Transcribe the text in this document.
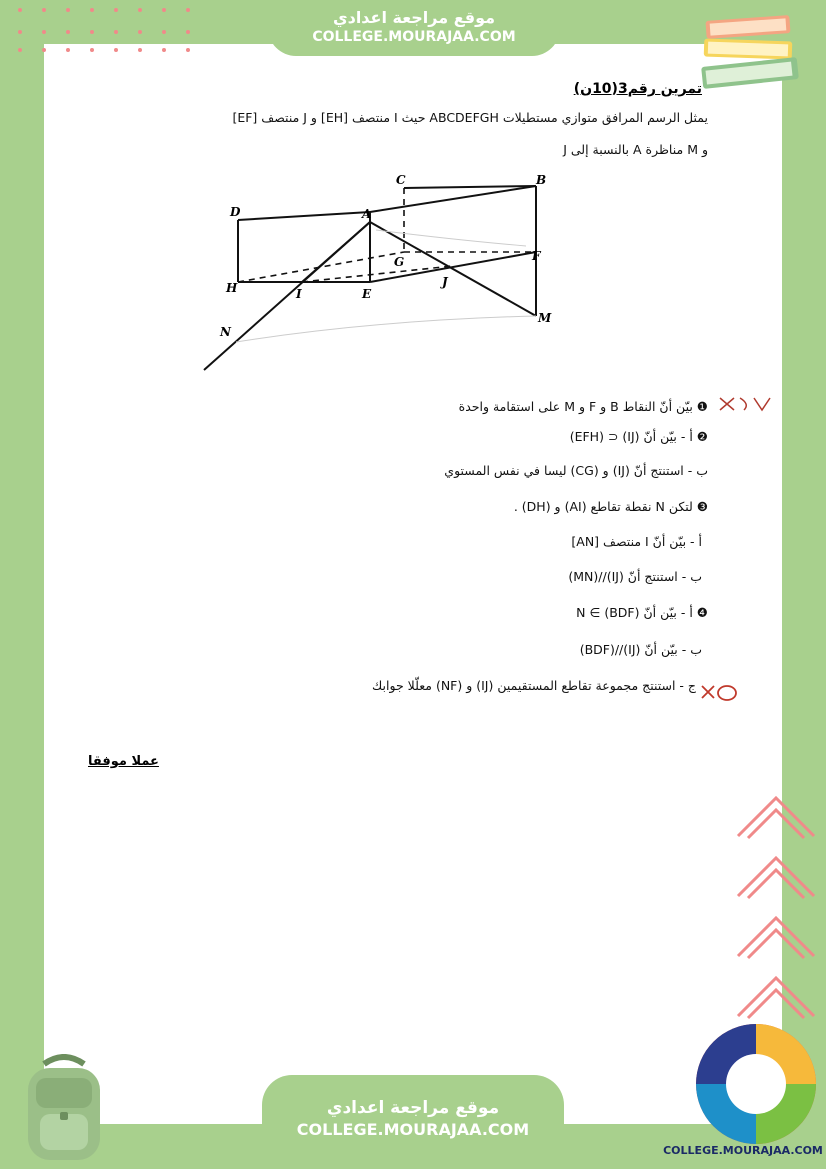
موقع مراجعة اعدادي
COLLEGE.MOURAJAA.COM
COLLEGE.MOURAJAA.COM
موقع مراجعة اعدادي
COLLEGE.MOURAJAA.COM
تمرين رقم3(10ن)
يمثل الرسم المرافق متوازي مستطيلات ABCDEFGH حيث I منتصف [EH] و J منتصف [EF]
و M مناظرة A بالنسبة إلى J
C	B
D	A
G	F
H	I	E
J
M
N
❶ بيّن أنّ النقاط B و F و M على استقامة واحدة
❷ أ - بيّن أنّ (IJ) ⊂ (EFH)
ب - استنتج أنّ (IJ) و (CG) ليسا في نفس المستوي
❸ لتكن N نقطة تقاطع (AI) و (DH) .
أ - بيّن أنّ I منتصف [AN]
ب - استنتج أنّ (IJ)//(MN)
❹ أ - بيّن أنّ N ∈ (BDF)
ب - بيّن أنّ (IJ)//(BDF)
ج - استنتج مجموعة تقاطع المستقيمين (IJ) و (NF) معلّلا جوابك
عملا موفقا
